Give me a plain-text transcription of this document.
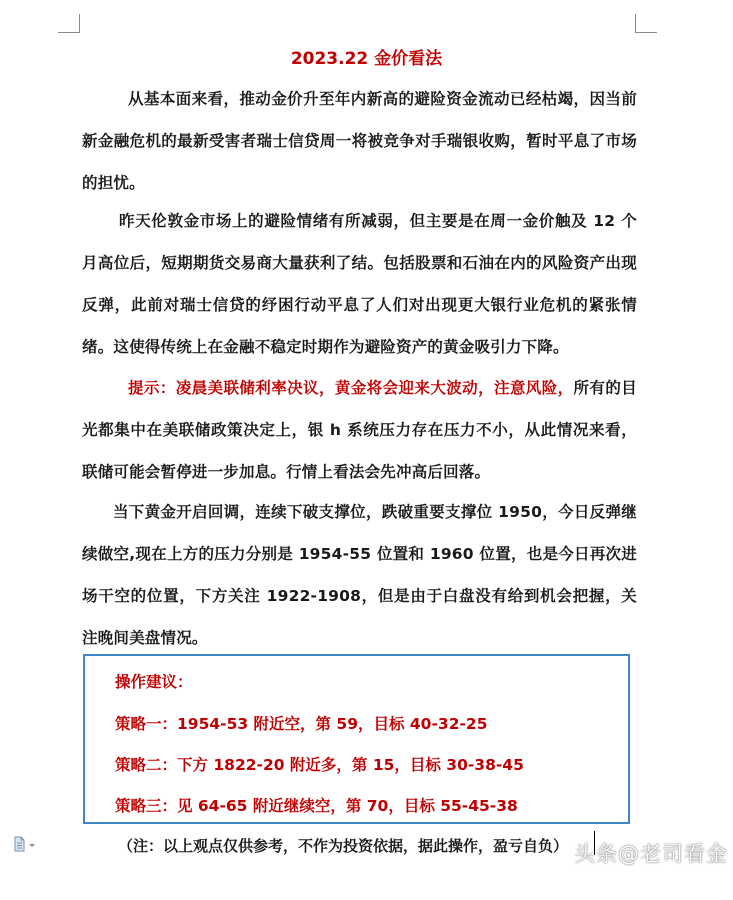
2023.22 金价看法

从基本面来看，推动金价升至年内新高的避险资金流动已经枯竭，因当前新金融危机的最新受害者瑞士信贷周一将被竞争对手瑞银收购，暂时平息了市场的担忧。

昨天伦敦金市场上的避险情绪有所减弱，但主要是在周一金价触及 12 个月高位后，短期期货交易商大量获利了结。包括股票和石油在内的风险资产出现反弹，此前对瑞士信贷的纾困行动平息了人们对出现更大银行业危机的紧张情绪。这使得传统上在金融不稳定时期作为避险资产的黄金吸引力下降。

提示：凌晨美联储利率决议，黄金将会迎来大波动，注意风险，所有的目光都集中在美联储政策决定上，银 h 系统压力存在压力不小，从此情况来看，联储可能会暂停进一步加息。行情上看法会先冲高后回落。

当下黄金开启回调，连续下破支撑位，跌破重要支撑位 1950，今日反弹继续做空,现在上方的压力分别是 1954-55 位置和 1960 位置，也是今日再次进场干空的位置，下方关注 1922-1908，但是由于白盘没有给到机会把握，关注晚间美盘情况。

操作建议：
策略一：1954-53 附近空，第 59，目标 40-32-25
策略二：下方 1822-20 附近多，第 15，目标 30-38-45
策略三：见 64-65 附近继续空，第 70，目标 55-45-38
（注：以上观点仅供参考，不作为投资依据，据此操作，盈亏自负） 头条@老司看金
